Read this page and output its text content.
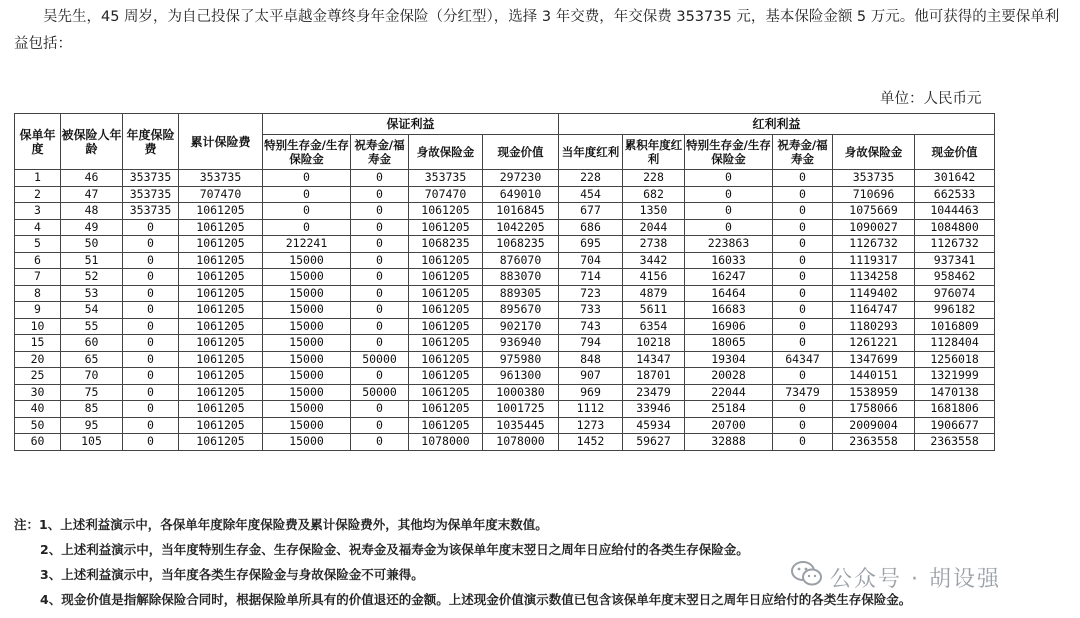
吴先生，45 周岁，为自己投保了太平卓越金尊终身年金保险（分红型），选择 3 年交费，年交保费 353735 元，基本保险金额 5 万元。他可获得的主要保单利益包括：
单位：人民币元
保单年度	被保险人年龄	年度保险费	累计保险费	保证利益				红利利益					
				特别生存金/生存保险金	祝寿金/福寿金	身故保险金	现金价值	当年度红利	累积年度红利	特别生存金/生存保险金	祝寿金/福寿金	身故保险金	现金价值
1	46	353735	353735	0	0	353735	297230	228	228	0	0	353735	301642
2	47	353735	707470	0	0	707470	649010	454	682	0	0	710696	662533
3	48	353735	1061205	0	0	1061205	1016845	677	1350	0	0	1075669	1044463
4	49	0	1061205	0	0	1061205	1042205	686	2044	0	0	1090027	1084800
5	50	0	1061205	212241	0	1068235	1068235	695	2738	223863	0	1126732	1126732
6	51	0	1061205	15000	0	1061205	876070	704	3442	16033	0	1119317	937341
7	52	0	1061205	15000	0	1061205	883070	714	4156	16247	0	1134258	958462
8	53	0	1061205	15000	0	1061205	889305	723	4879	16464	0	1149402	976074
9	54	0	1061205	15000	0	1061205	895670	733	5611	16683	0	1164747	996182
10	55	0	1061205	15000	0	1061205	902170	743	6354	16906	0	1180293	1016809
15	60	0	1061205	15000	0	1061205	936940	794	10218	18065	0	1261221	1128404
20	65	0	1061205	15000	50000	1061205	975980	848	14347	19304	64347	1347699	1256018
25	70	0	1061205	15000	0	1061205	961300	907	18701	20028	0	1440151	1321999
30	75	0	1061205	15000	50000	1061205	1000380	969	23479	22044	73479	1538959	1470138
40	85	0	1061205	15000	0	1061205	1001725	1112	33946	25184	0	1758066	1681806
50	95	0	1061205	15000	0	1061205	1035445	1273	45934	20700	0	2009004	1906677
60	105	0	1061205	15000	0	1078000	1078000	1452	59627	32888	0	2363558	2363558
注：1、上述利益演示中，各保单年度除年度保险费及累计保险费外，其他均为保单年度末数值。
2、上述利益演示中，当年度特别生存金、生存保险金、祝寿金及福寿金为该保单年度末翌日之周年日应给付的各类生存保险金。
3、上述利益演示中，当年度各类生存保险金与身故保险金不可兼得。
4、现金价值是指解除保险合同时，根据保险单所具有的价值退还的金额。上述现金价值演示数值已包含该保单年度末翌日之周年日应给付的各类生存保险金。
公众号 · 胡设强
